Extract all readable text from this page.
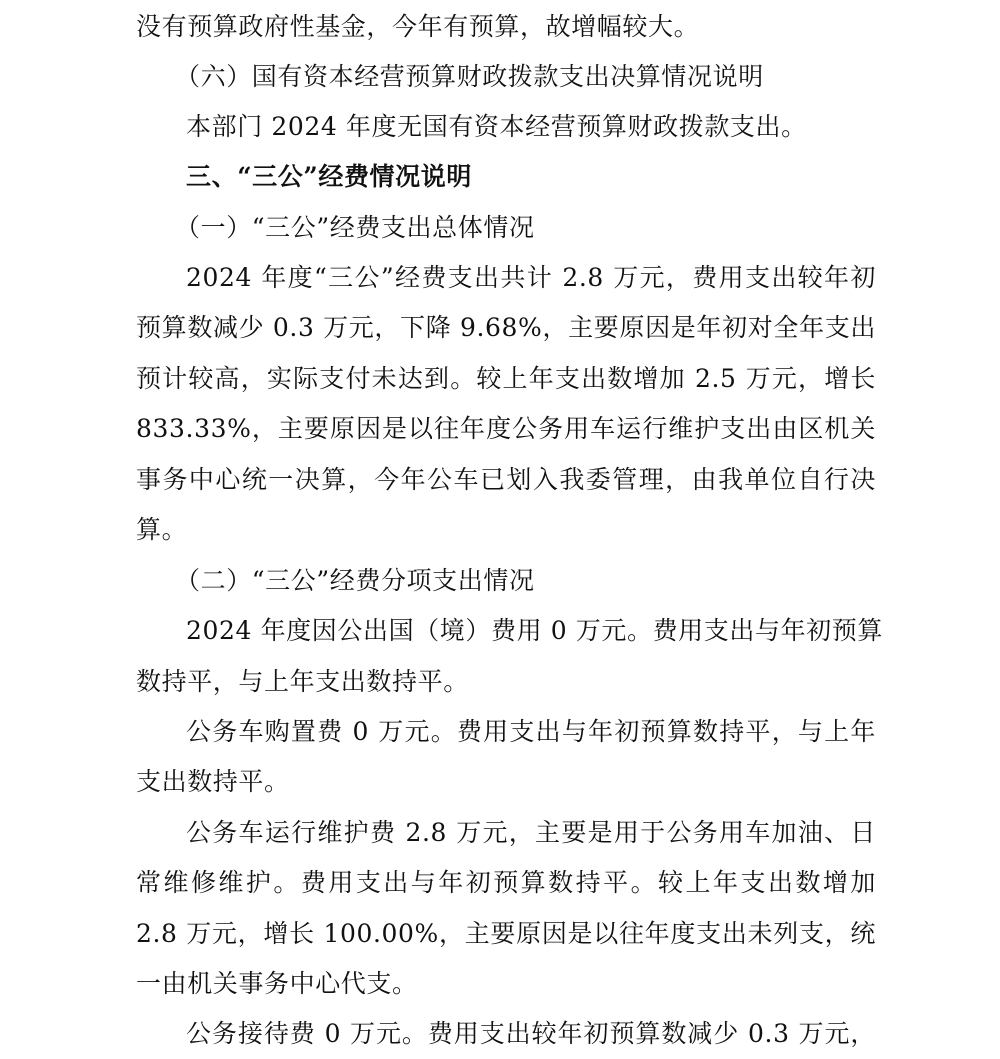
没有预算政府性基金，今年有预算，故增幅较大。
（六）国有资本经营预算财政拨款支出决算情况说明
本部门 2024 年度无国有资本经营预算财政拨款支出。
三、“三公”经费情况说明
（一）“三公”经费支出总体情况
2024 年度“三公”经费支出共计 2.8 万元，费用支出较年初
预算数减少 0.3 万元，下降 9.68%，主要原因是年初对全年支出
预计较高，实际支付未达到。较上年支出数增加 2.5 万元，增长
833.33%，主要原因是以往年度公务用车运行维护支出由区机关
事务中心统一决算，今年公车已划入我委管理，由我单位自行决
算。
（二）“三公”经费分项支出情况
2024 年度因公出国（境）费用 0 万元。费用支出与年初预算
数持平，与上年支出数持平。
公务车购置费 0 万元。费用支出与年初预算数持平，与上年
支出数持平。
公务车运行维护费 2.8 万元，主要是用于公务用车加油、日
常维修维护。费用支出与年初预算数持平。较上年支出数增加
2.8 万元，增长 100.00%，主要原因是以往年度支出未列支，统
一由机关事务中心代支。
公务接待费 0 万元。费用支出较年初预算数减少 0.3 万元，
